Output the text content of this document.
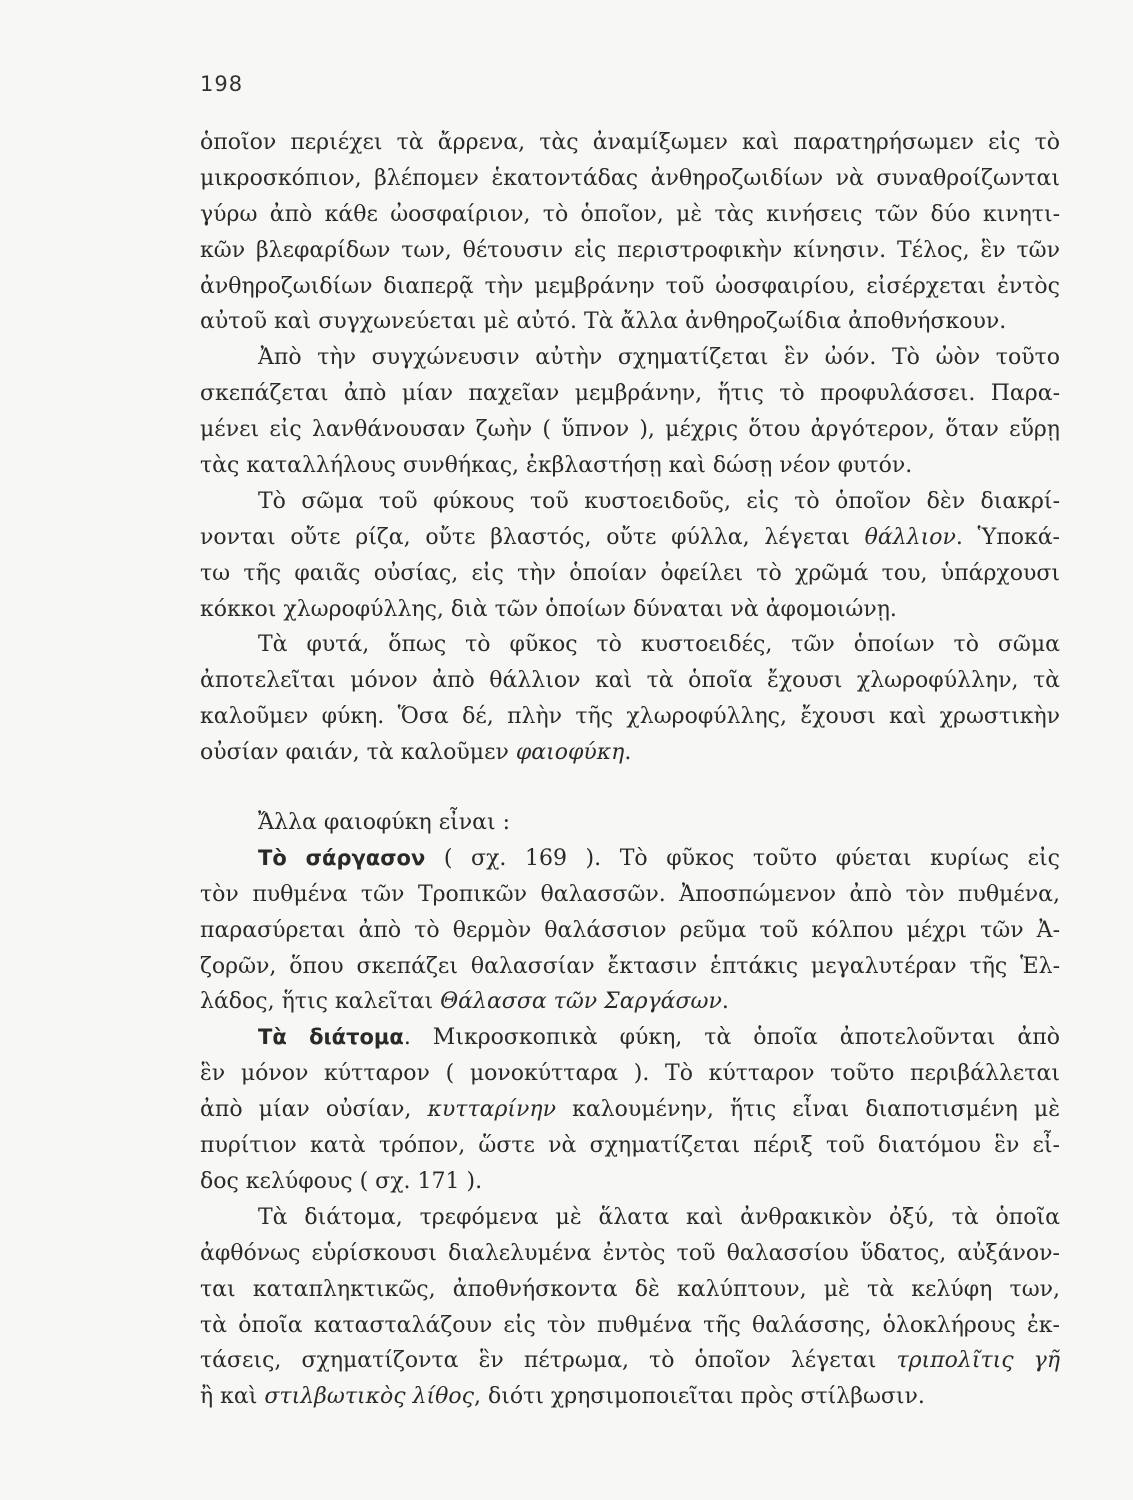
198
ὁποῖον περιέχει τὰ ἄρρενα, τὰς ἀναμίξωμεν καὶ παρατηρήσωμεν εἰς τὸ
μικροσκόπιον, βλέπομεν ἑκατοντάδας ἀνθηροζωιδίων νὰ συναθροίζωνται
γύρω ἀπὸ κάθε ὠοσφαίριον, τὸ ὁποῖον, μὲ τὰς κινήσεις τῶν δύο κινητι-
κῶν βλεφαρίδων των, θέτουσιν εἰς περιστροφικὴν κίνησιν. Τέλος, ἓν τῶν
ἀνθηροζωιδίων διαπερᾷ τὴν μεμβράνην τοῦ ὠοσφαιρίου, εἰσέρχεται ἐντὸς
αὐτοῦ καὶ συγχωνεύεται μὲ αὐτό. Τὰ ἄλλα ἀνθηροζωίδια ἀποθνήσκουν.
Ἀπὸ τὴν συγχώνευσιν αὐτὴν σχηματίζεται ἓν ὠόν. Τὸ ὠὸν τοῦτο
σκεπάζεται ἀπὸ μίαν παχεῖαν μεμβράνην, ἥτις τὸ προφυλάσσει. Παρα-
μένει εἰς λανθάνουσαν ζωὴν ( ὕπνον ), μέχρις ὅτου ἀργότερον, ὅταν εὕρῃ
τὰς καταλλήλους συνθήκας, ἐκβλαστήσῃ καὶ δώσῃ νέον φυτόν.
Τὸ σῶμα τοῦ φύκους τοῦ κυστοειδοῦς, εἰς τὸ ὁποῖον δὲν διακρί-
νονται οὔτε ρίζα, οὔτε βλαστός, οὔτε φύλλα, λέγεται θάλλιον. Ὑποκά-
τω τῆς φαιᾶς οὐσίας, εἰς τὴν ὁποίαν ὀφείλει τὸ χρῶμά του, ὑπάρχουσι
κόκκοι χλωροφύλλης, διὰ τῶν ὁποίων δύναται νὰ ἀφομοιώνῃ.
Τὰ φυτά, ὅπως τὸ φῦκος τὸ κυστοειδές, τῶν ὁποίων τὸ σῶμα
ἀποτελεῖται μόνον ἀπὸ θάλλιον καὶ τὰ ὁποῖα ἔχουσι χλωροφύλλην, τὰ
καλοῦμεν φύκη. Ὅσα δέ, πλὴν τῆς χλωροφύλλης, ἔχουσι καὶ χρωστικὴν
οὐσίαν φαιάν, τὰ καλοῦμεν φαιοφύκη.
Ἄλλα φαιοφύκη εἶναι :
Τὸ σάργασον ( σχ. 169 ). Τὸ φῦκος τοῦτο φύεται κυρίως εἰς
τὸν πυθμένα τῶν Τροπικῶν θαλασσῶν. Ἀποσπώμενον ἀπὸ τὸν πυθμένα,
παρασύρεται ἀπὸ τὸ θερμὸν θαλάσσιον ρεῦμα τοῦ κόλπου μέχρι τῶν Ἀ-
ζορῶν, ὅπου σκεπάζει θαλασσίαν ἔκτασιν ἑπτάκις μεγαλυτέραν τῆς Ἑλ-
λάδος, ἥτις καλεῖται Θάλασσα τῶν Σαργάσων.
Τὰ διάτομα. Μικροσκοπικὰ φύκη, τὰ ὁποῖα ἀποτελοῦνται ἀπὸ
ἓν μόνον κύτταρον ( μονοκύτταρα ). Τὸ κύτταρον τοῦτο περιβάλλεται
ἀπὸ μίαν οὐσίαν, κυτταρίνην καλουμένην, ἥτις εἶναι διαποτισμένη μὲ
πυρίτιον κατὰ τρόπον, ὥστε νὰ σχηματίζεται πέριξ τοῦ διατόμου ἓν εἶ-
δος κελύφους ( σχ. 171 ).
Τὰ διάτομα, τρεφόμενα μὲ ἅλατα καὶ ἀνθρακικὸν ὀξύ, τὰ ὁποῖα
ἀφθόνως εὑρίσκουσι διαλελυμένα ἐντὸς τοῦ θαλασσίου ὕδατος, αὐξάνον-
ται καταπληκτικῶς, ἀποθνήσκοντα δὲ καλύπτουν, μὲ τὰ κελύφη των,
τὰ ὁποῖα κατασταλάζουν εἰς τὸν πυθμένα τῆς θαλάσσης, ὁλοκλήρους ἐκ-
τάσεις, σχηματίζοντα ἓν πέτρωμα, τὸ ὁποῖον λέγεται τριπολῖτις γῆ
ἢ καὶ στιλβωτικὸς λίθος, διότι χρησιμοποιεῖται πρὸς στίλβωσιν.
